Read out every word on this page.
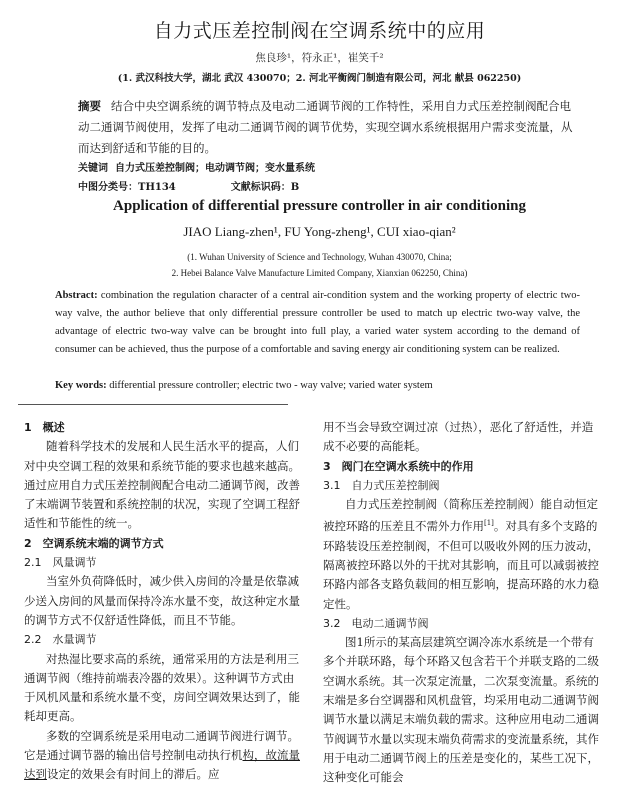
自力式压差控制阀在空调系统中的应用
焦良珍¹，符永正¹，崔笑千²
(1. 武汉科技大学，湖北 武汉 430070；2. 河北平衡阀门制造有限公司，河北 献县 062250)
摘要 结合中央空调系统的调节特点及电动二通调节阀的工作特性，采用自力式压差控制阀配合电动二通调节阀使用，发挥了电动二通调节阀的调节优势，实现空调水系统根据用户需求变流量，从而达到舒适和节能的目的。
关键词 自力式压差控制阀；电动调节阀；变水量系统
中图分类号：TH134	文献标识码：B
Application of differential pressure controller in air conditioning
JIAO Liang-zhen¹, FU Yong-zheng¹, CUI xiao-qian²
(1. Wuhan University of Science and Technology, Wuhan 430070, China;
2. Hebei Balance Valve Manufacture Limited Company, Xianxian 062250, China)
Abstract: combination the regulation character of a central air-condition system and the working property of electric two-way valve, the author believe that only differential pressure controller be used to match up electric two-way valve, the advantage of electric two-way valve can be brought into full play, a varied water system according to the demand of consumer can be achieved, thus the purpose of a comfortable and saving energy air conditioning system can be realized.
Key words: differential pressure controller; electric two - way valve; varied water system

1　概述

随着科学技术的发展和人民生活水平的提高，人们对中央空调工程的效果和系统节能的要求也越来越高。通过应用自力式压差控制阀配合电动二通调节阀，改善了末端调节装置和系统控制的状况，实现了空调工程舒适性和节能性的统一。

2　空调系统末端的调节方式

2.1　风量调节

当室外负荷降低时，减少供入房间的冷量是依靠减少送入房间的风量而保持冷冻水量不变，故这种定水量的调节方式不仅舒适性降低，而且不节能。

2.2　水量调节

对热湿比要求高的系统，通常采用的方法是利用三通调节阀（维持前端表冷器的效果）。这种调节方式由于风机风量和系统水量不变，房间空调效果达到了，能耗却更高。

多数的空调系统是采用电动二通调节阀进行调节。它是通过调节器的输出信号控制电动执行机构，故流量达到设定的效果会有时间上的滞后。应

用不当会导致空调过凉（过热），恶化了舒适性，并造成不必要的高能耗。

3　阀门在空调水系统中的作用

3.1　自力式压差控制阀

自力式压差控制阀（简称压差控制阀）能自动恒定被控环路的压差且不需外力作用[1]。对具有多个支路的环路装设压差控制阀，不但可以吸收外网的压力波动，隔离被控环路以外的干扰对其影响，而且可以减弱被控环路内部各支路负载间的相互影响，提高环路的水力稳定性。

3.2　电动二通调节阀

图1所示的某高层建筑空调冷冻水系统是一个带有多个并联环路，每个环路又包含若干个并联支路的二级空调水系统。其一次泵定流量，二次泵变流量。系统的末端是多台空调器和风机盘管，均采用电动二通调节阀调节水量以满足末端负载的需求。这种应用电动二通调节阀调节水量以实现末端负荷需求的变流量系统，其作用于电动二通调节阀上的压差是变化的，某些工况下，这种变化可能会
